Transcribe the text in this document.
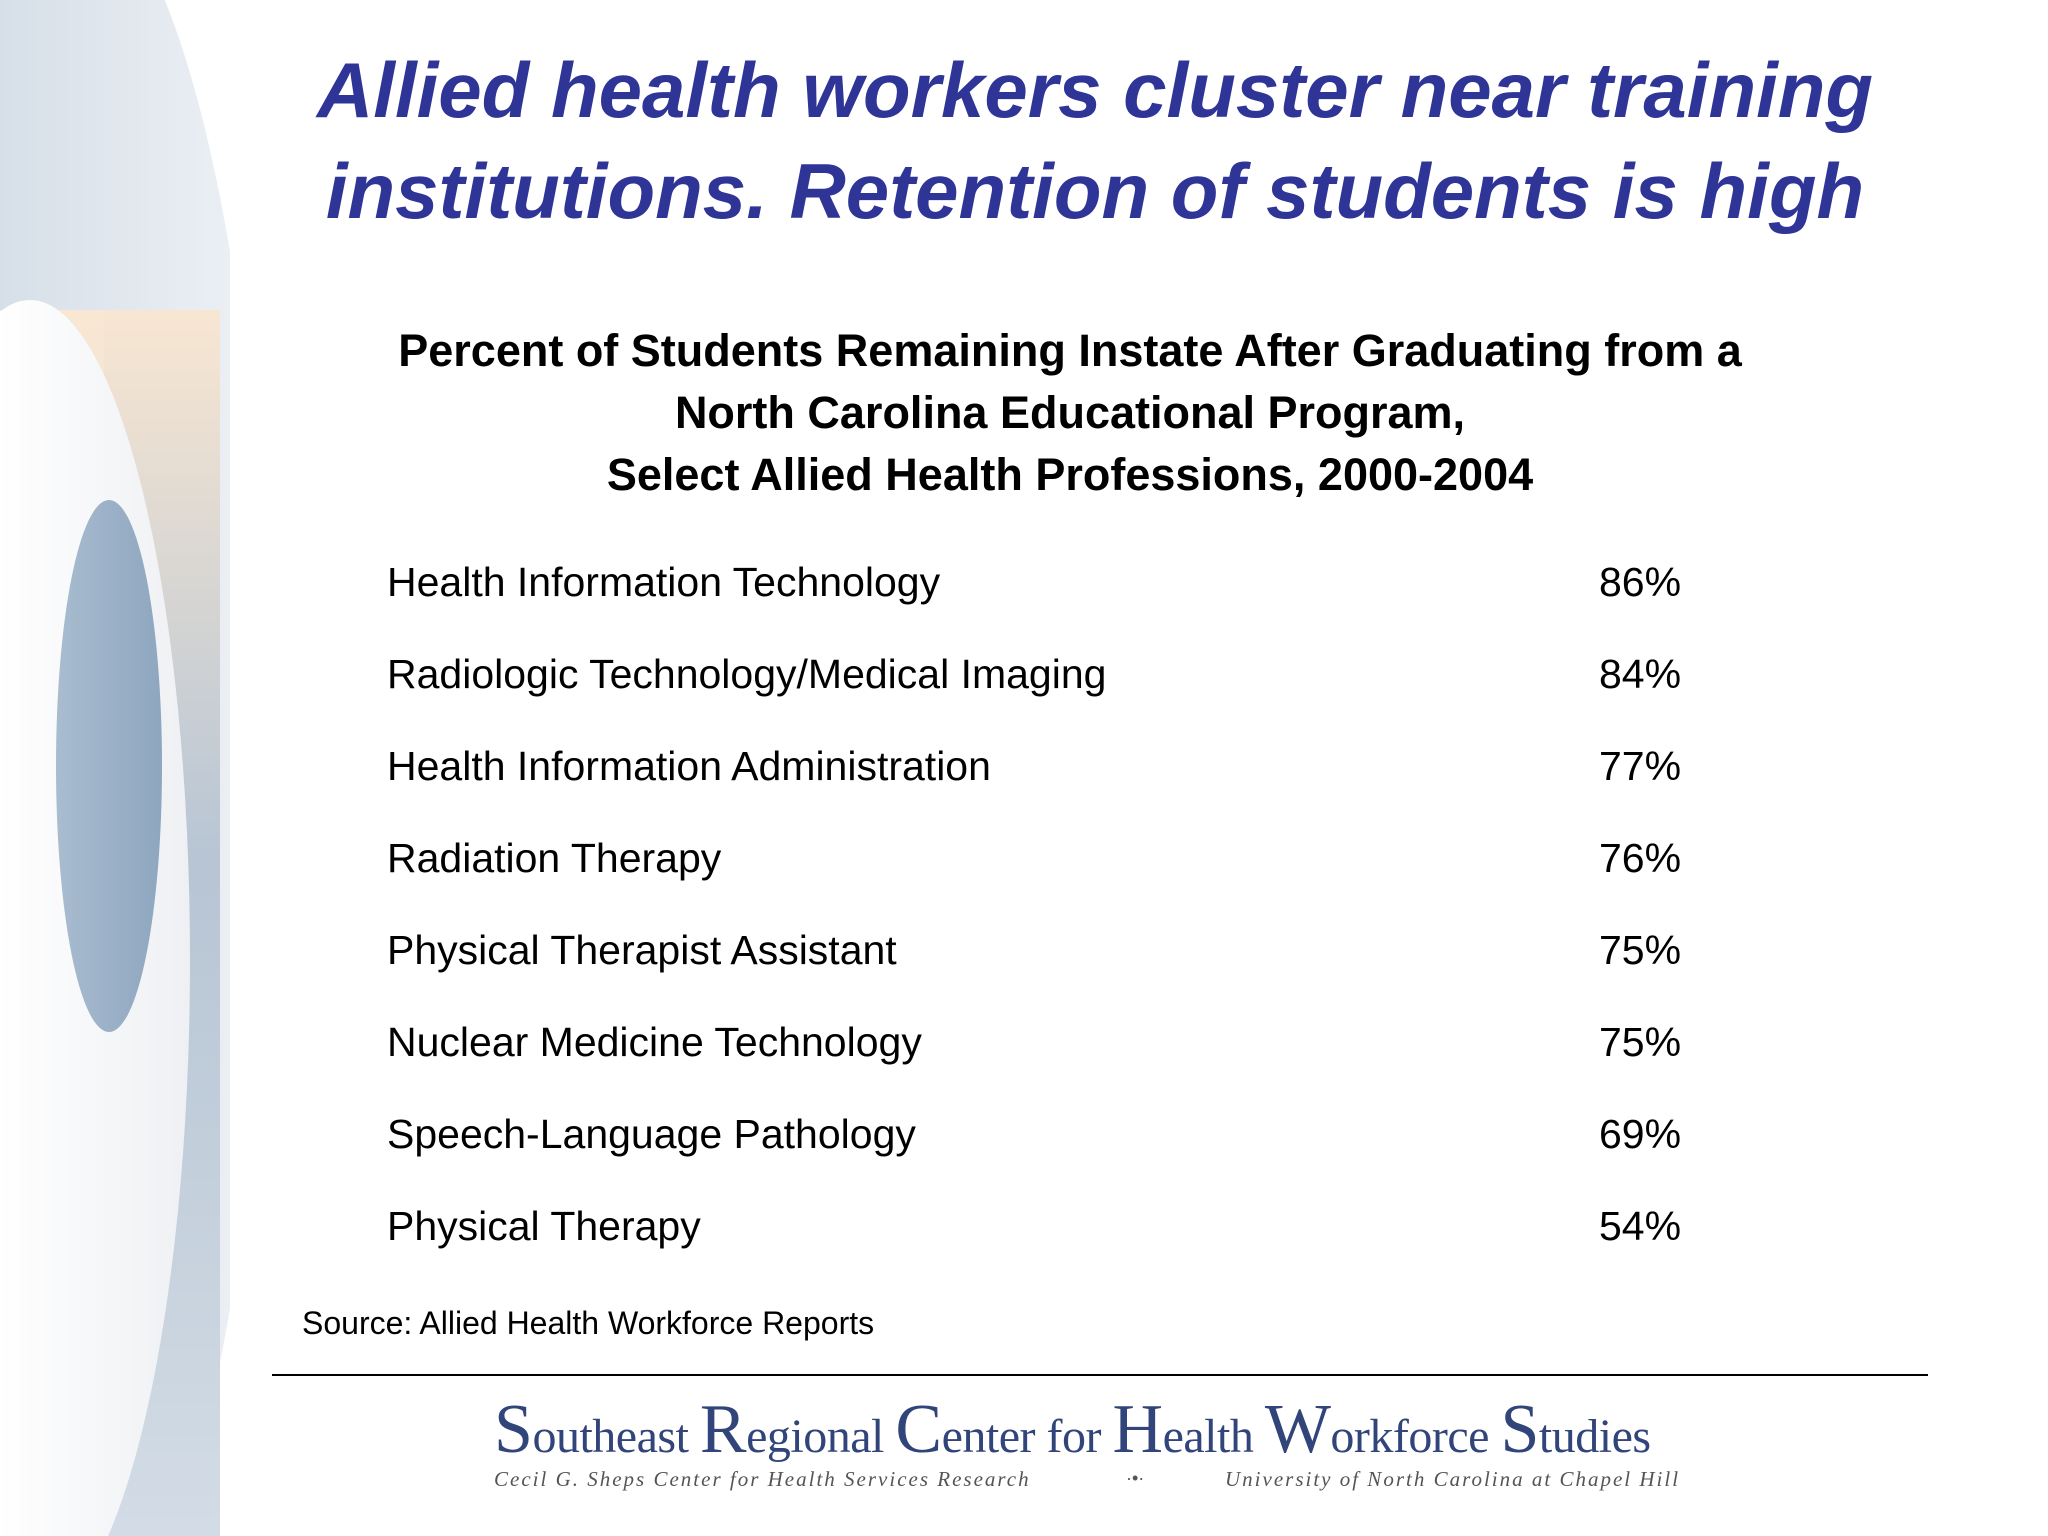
Allied health workers cluster near training institutions. Retention of students is high
Percent of Students Remaining Instate After Graduating from a
North Carolina Educational Program,
Select Allied Health Professions, 2000-2004
Health Information Technology	86%
Radiologic Technology/Medical Imaging	84%
Health Information Administration	77%
Radiation Therapy	76%
Physical Therapist Assistant	75%
Nuclear Medicine Technology	75%
Speech-Language Pathology	69%
Physical Therapy	54%
Source: Allied Health Workforce Reports
Southeast Regional Center for Health Workforce Studies
Cecil G. Sheps Center for Health Services Research	·•·	University of North Carolina at Chapel Hill
